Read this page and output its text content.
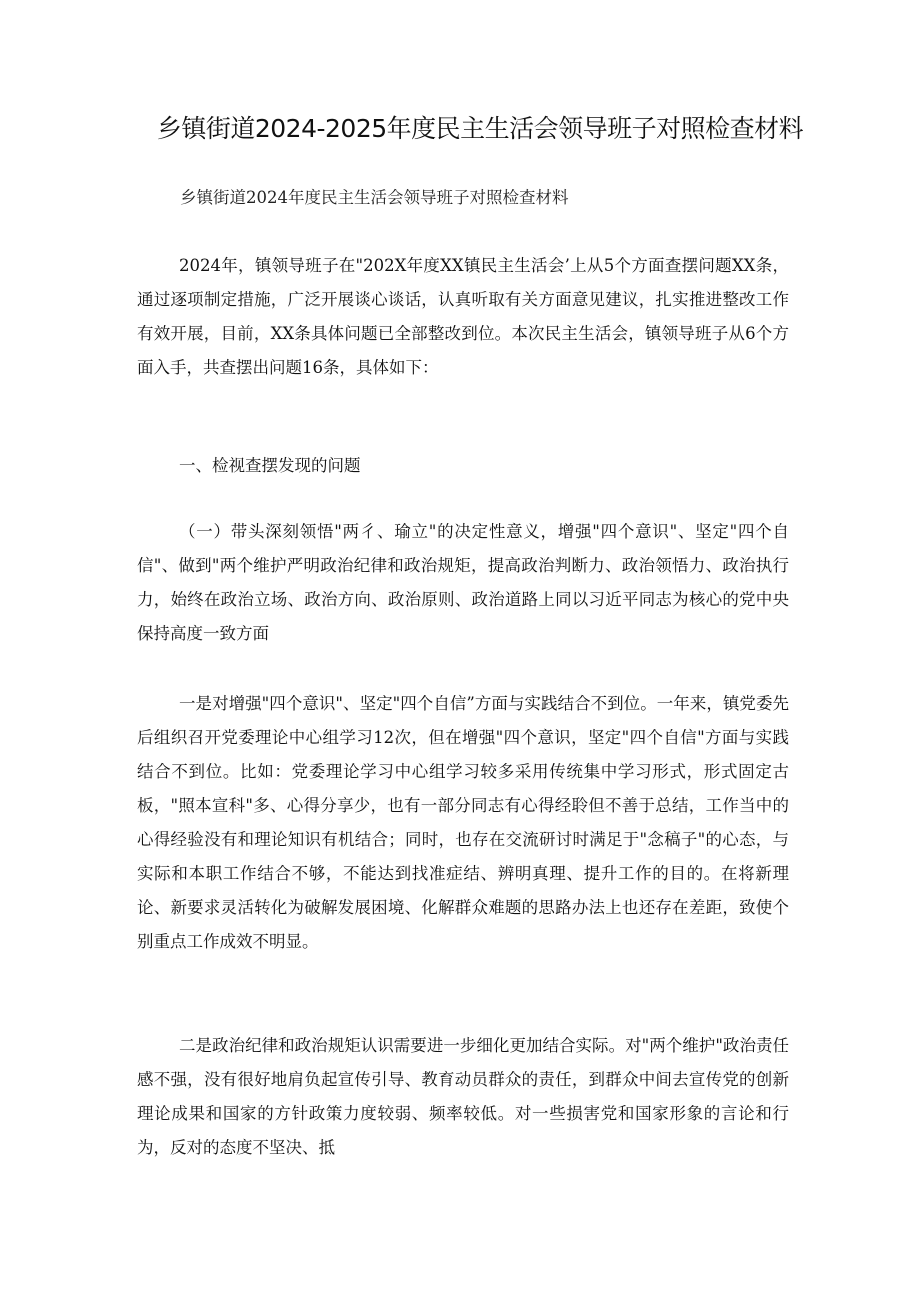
乡镇街道2024-2025年度民主生活会领导班子对照检查材料

乡镇街道2024年度民主生活会领导班子对照检查材料

2024年，镇领导班子在"202X年度XX镇民主生活会’上从5个方面查摆问题XX条，通过逐项制定措施，广泛开展谈心谈话，认真听取有关方面意见建议，扎实推进整改工作有效开展，目前，XX条具体问题已全部整改到位。本次民主生活会，镇领导班子从6个方面入手，共查摆出问题16条，具体如下：

一、检视查摆发现的问题

（一）带头深刻领悟"两彳、瑜立"的决定性意义，增强"四个意识"、坚定"四个自信"、做到"两个维护严明政治纪律和政治规矩，提高政治判断力、政治领悟力、政治执行力，始终在政治立场、政治方向、政治原则、政治道路上同以习近平同志为核心的党中央保持高度一致方面

一是对增强"四个意识"、坚定"四个自信”方面与实践结合不到位。一年来，镇党委先后组织召开党委理论中心组学习12次，但在增强"四个意识，坚定"四个自信"方面与实践结合不到位。比如：党委理论学习中心组学习较多采用传统集中学习形式，形式固定古板，"照本宣科"多、心得分享少，也有一部分同志有心得经聆但不善于总结，工作当中的心得经验没有和理论知识有机结合；同时，也存在交流研讨时满足于"念稿子"的心态，与实际和本职工作结合不够，不能达到找准症结、辨明真理、提升工作的目的。在将新理论、新要求灵活转化为破解发展困境、化解群众难题的思路办法上也还存在差距，致使个别重点工作成效不明显。

二是政治纪律和政治规矩认识需要进一步细化更加结合实际。对"两个维护"政治责任感不强，没有很好地肩负起宣传引导、教育动员群众的责任，到群众中间去宣传党的创新理论成果和国家的方针政策力度较弱、频率较低。对一些损害党和国家形象的言论和行为，反对的态度不坚决、抵
